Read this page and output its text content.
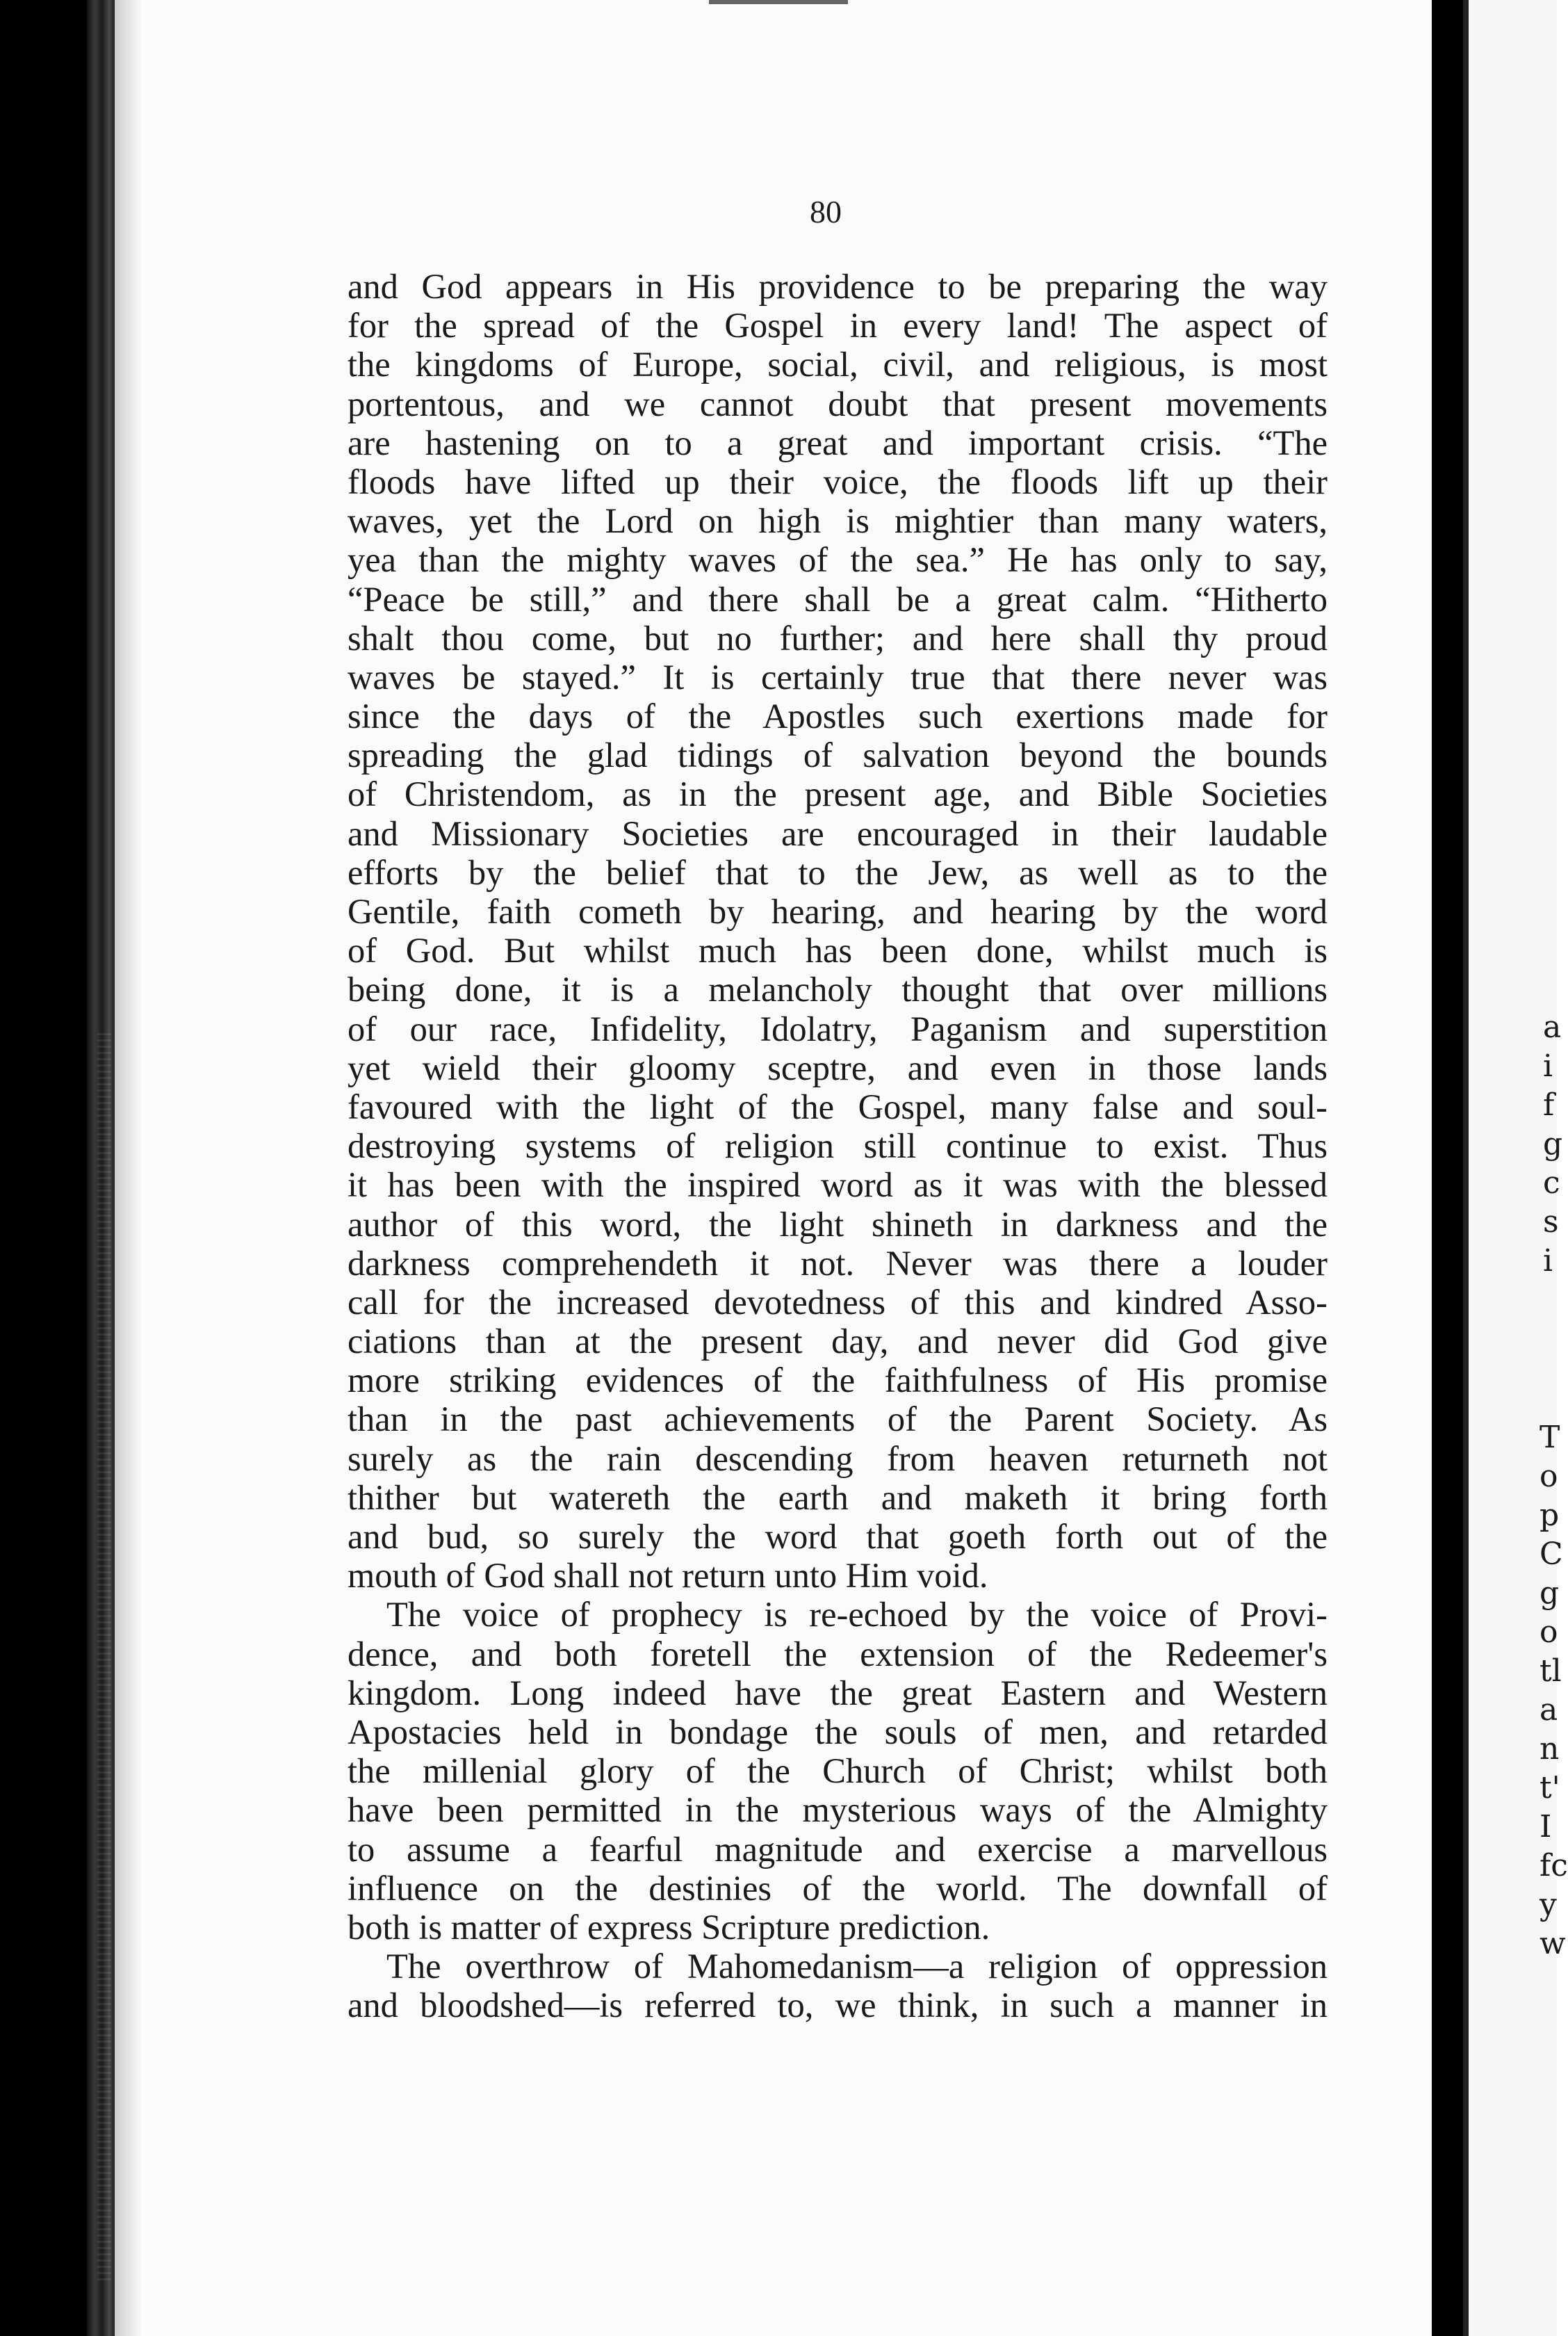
80
and God appears in His providence to be preparing the way
for the spread of the Gospel in every land! The aspect of
the kingdoms of Europe, social, civil, and religious, is most
portentous, and we cannot doubt that present movements
are hastening on to a great and important crisis. “The
floods have lifted up their voice, the floods lift up their
waves, yet the Lord on high is mightier than many waters,
yea than the mighty waves of the sea.” He has only to say,
“Peace be still,” and there shall be a great calm. “Hitherto
shalt thou come, but no further; and here shall thy proud
waves be stayed.” It is certainly true that there never was
since the days of the Apostles such exertions made for
spreading the glad tidings of salvation beyond the bounds
of Christendom, as in the present age, and Bible Societies
and Missionary Societies are encouraged in their laudable
efforts by the belief that to the Jew, as well as to the
Gentile, faith cometh by hearing, and hearing by the word
of God. But whilst much has been done, whilst much is
being done, it is a melancholy thought that over millions
of our race, Infidelity, Idolatry, Paganism and superstition
yet wield their gloomy sceptre, and even in those lands
favoured with the light of the Gospel, many false and soul-
destroying systems of religion still continue to exist. Thus
it has been with the inspired word as it was with the blessed
author of this word, the light shineth in darkness and the
darkness comprehendeth it not. Never was there a louder
call for the increased devotedness of this and kindred Asso-
ciations than at the present day, and never did God give
more striking evidences of the faithfulness of His promise
than in the past achievements of the Parent Society. As
surely as the rain descending from heaven returneth not
thither but watereth the earth and maketh it bring forth
and bud, so surely the word that goeth forth out of the
mouth of God shall not return unto Him void.
The voice of prophecy is re-echoed by the voice of Provi-
dence, and both foretell the extension of the Redeemer's
kingdom. Long indeed have the great Eastern and Western
Apostacies held in bondage the souls of men, and retarded
the millenial glory of the Church of Christ; whilst both
have been permitted in the mysterious ways of the Almighty
to assume a fearful magnitude and exercise a marvellous
influence on the destinies of the world. The downfall of
both is matter of express Scripture prediction.
The overthrow of Mahomedanism—a religion of oppression
and bloodshed—is referred to, we think, in such a manner in
a
i
f
g
c
s
i
T
o
p
C
g
o
tl
a
n
t'
I
fc
y
w
